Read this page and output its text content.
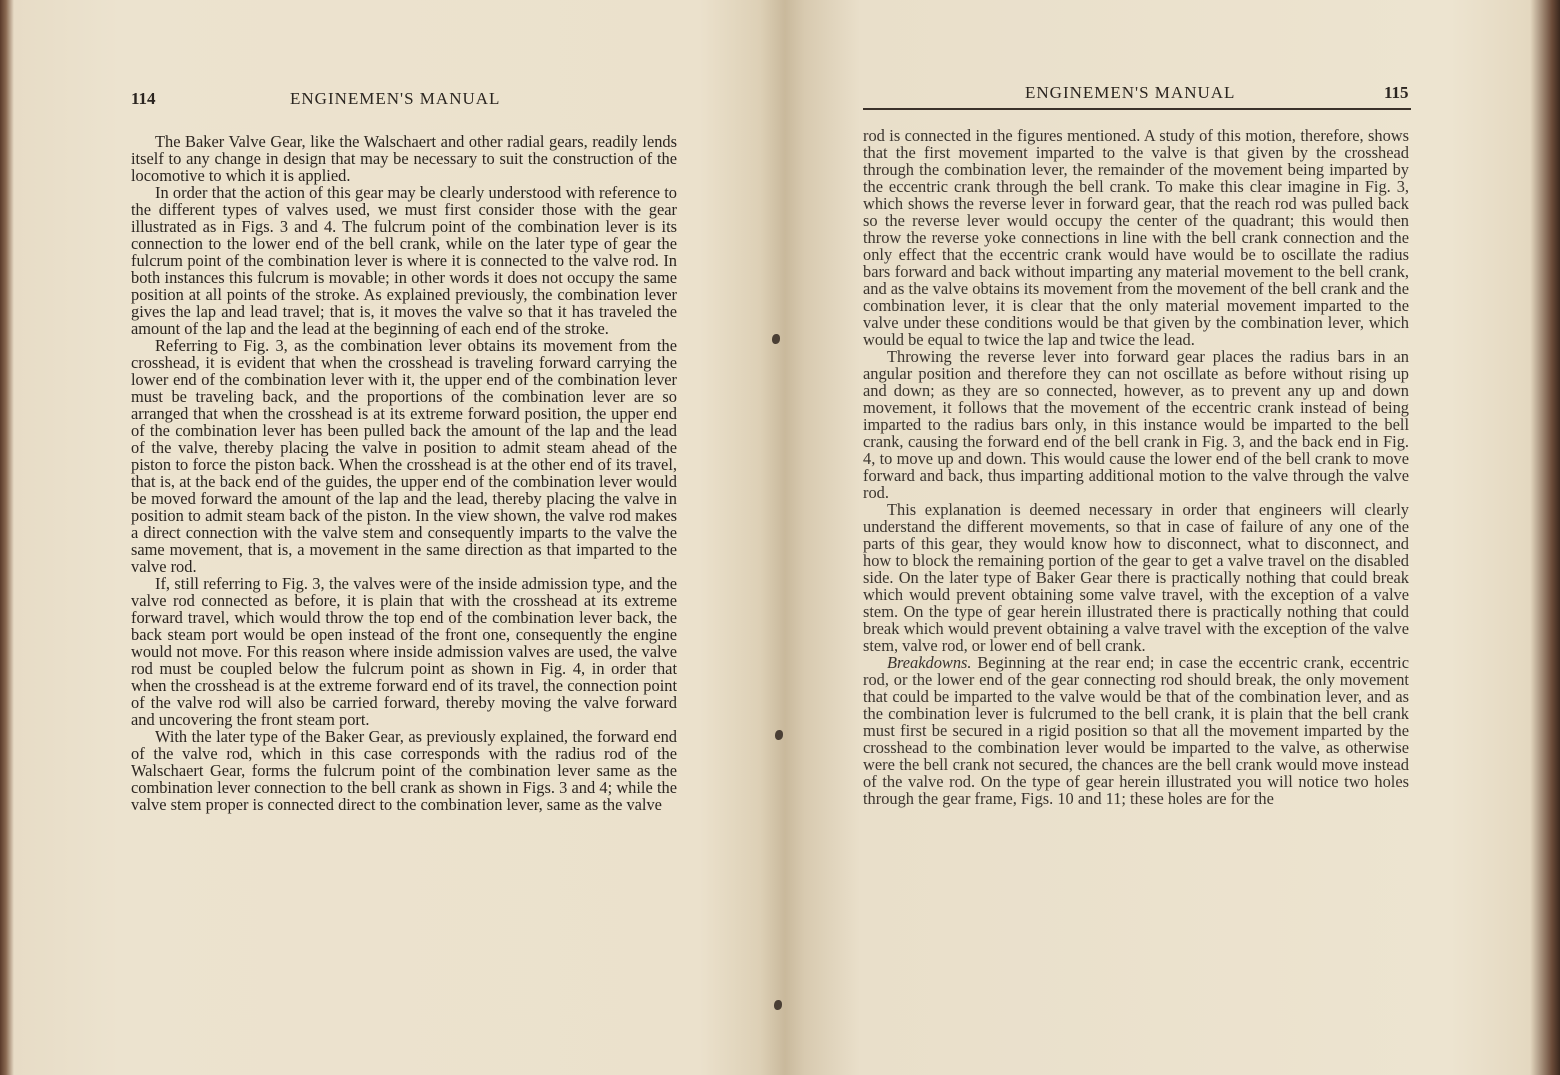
114	ENGINEMEN'S MANUAL

The Baker Valve Gear, like the Walschaert and other radial gears, readily lends itself to any change in design that may be necessary to suit the construction of the locomotive to which it is applied.

In order that the action of this gear may be clearly understood with reference to the different types of valves used, we must first consider those with the gear illustrated as in Figs. 3 and 4. The fulcrum point of the combination lever is its connection to the lower end of the bell crank, while on the later type of gear the fulcrum point of the combination lever is where it is connected to the valve rod. In both instances this fulcrum is movable; in other words it does not occupy the same position at all points of the stroke. As explained previously, the combination lever gives the lap and lead travel; that is, it moves the valve so that it has traveled the amount of the lap and the lead at the beginning of each end of the stroke.

Referring to Fig. 3, as the combination lever obtains its movement from the crosshead, it is evident that when the crosshead is traveling forward carrying the lower end of the combination lever with it, the upper end of the combination lever must be traveling back, and the proportions of the combination lever are so arranged that when the crosshead is at its extreme forward position, the upper end of the combination lever has been pulled back the amount of the lap and the lead of the valve, thereby placing the valve in position to admit steam ahead of the piston to force the piston back. When the crosshead is at the other end of its travel, that is, at the back end of the guides, the upper end of the combination lever would be moved forward the amount of the lap and the lead, thereby placing the valve in position to admit steam back of the piston. In the view shown, the valve rod makes a direct connection with the valve stem and consequently imparts to the valve the same movement, that is, a movement in the same direction as that imparted to the valve rod.

If, still referring to Fig. 3, the valves were of the inside admission type, and the valve rod connected as before, it is plain that with the crosshead at its extreme forward travel, which would throw the top end of the combination lever back, the back steam port would be open instead of the front one, consequently the engine would not move. For this reason where inside admission valves are used, the valve rod must be coupled below the fulcrum point as shown in Fig. 4, in order that when the crosshead is at the extreme forward end of its travel, the connection point of the valve rod will also be carried forward, thereby moving the valve forward and uncovering the front steam port.

With the later type of the Baker Gear, as previously explained, the forward end of the valve rod, which in this case corresponds with the radius rod of the Walschaert Gear, forms the fulcrum point of the combination lever same as the combination lever connection to the bell crank as shown in Figs. 3 and 4; while the valve stem proper is connected direct to the combination lever, same as the valve

ENGINEMEN'S MANUAL	115

rod is connected in the figures mentioned. A study of this motion, therefore, shows that the first movement imparted to the valve is that given by the crosshead through the combination lever, the remainder of the movement being imparted by the eccentric crank through the bell crank. To make this clear imagine in Fig. 3, which shows the reverse lever in forward gear, that the reach rod was pulled back so the reverse lever would occupy the center of the quadrant; this would then throw the reverse yoke connections in line with the bell crank connection and the only effect that the eccentric crank would have would be to oscillate the radius bars forward and back without imparting any material movement to the bell crank, and as the valve obtains its movement from the movement of the bell crank and the combination lever, it is clear that the only material movement imparted to the valve under these conditions would be that given by the combination lever, which would be equal to twice the lap and twice the lead.

Throwing the reverse lever into forward gear places the radius bars in an angular position and therefore they can not oscillate as before without rising up and down; as they are so connected, however, as to prevent any up and down movement, it follows that the movement of the eccentric crank instead of being imparted to the radius bars only, in this instance would be imparted to the bell crank, causing the forward end of the bell crank in Fig. 3, and the back end in Fig. 4, to move up and down. This would cause the lower end of the bell crank to move forward and back, thus imparting additional motion to the valve through the valve rod.

This explanation is deemed necessary in order that engineers will clearly understand the different movements, so that in case of failure of any one of the parts of this gear, they would know how to disconnect, what to disconnect, and how to block the remaining portion of the gear to get a valve travel on the disabled side. On the later type of Baker Gear there is practically nothing that could break which would prevent obtaining some valve travel, with the exception of a valve stem. On the type of gear herein illustrated there is practically nothing that could break which would prevent obtaining a valve travel with the exception of the valve stem, valve rod, or lower end of bell crank.

Breakdowns. Beginning at the rear end; in case the eccentric crank, eccentric rod, or the lower end of the gear connecting rod should break, the only movement that could be imparted to the valve would be that of the combination lever, and as the combination lever is fulcrumed to the bell crank, it is plain that the bell crank must first be secured in a rigid position so that all the movement imparted by the crosshead to the combination lever would be imparted to the valve, as otherwise were the bell crank not secured, the chances are the bell crank would move instead of the valve rod. On the type of gear herein illustrated you will notice two holes through the gear frame, Figs. 10 and 11; these holes are for the
